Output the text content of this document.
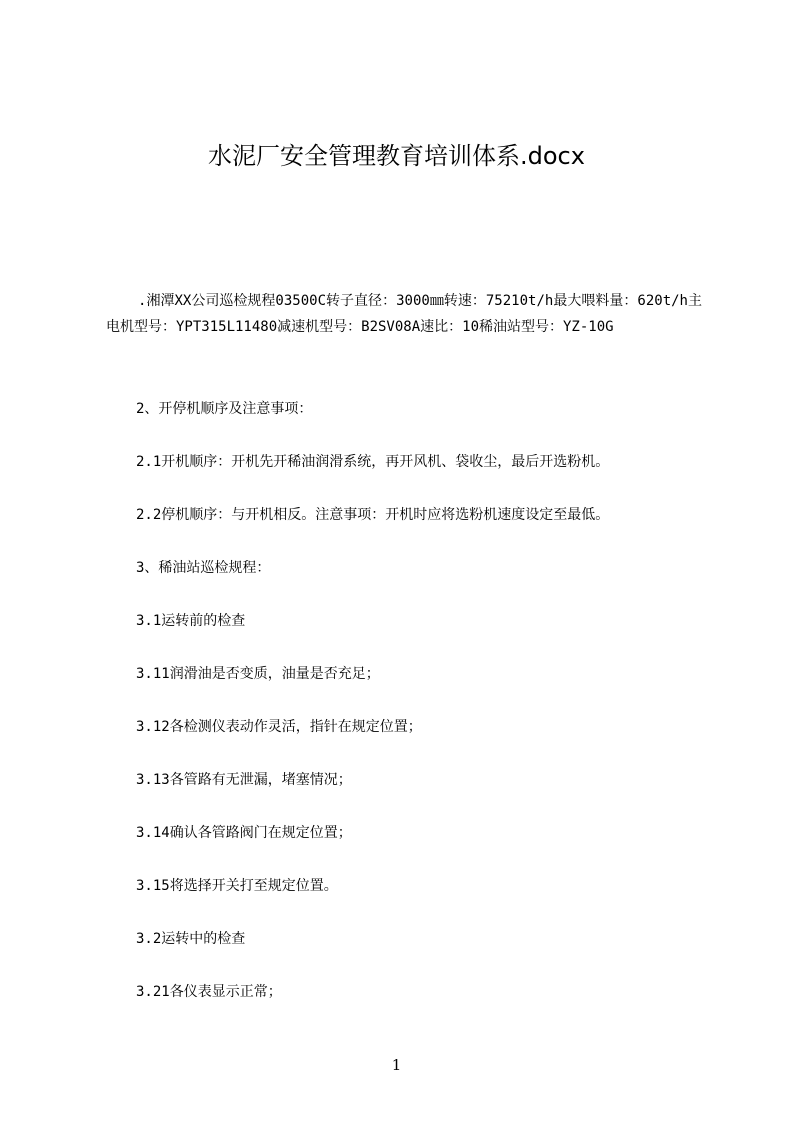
水泥厂安全管理教育培训体系.docx

.湘潭XX公司巡检规程03500C转子直径：3000㎜转速：75210t/h最大喂料量：620t/h主电机型号：YPT315L11480减速机型号：B2SV08A速比：10稀油站型号：YZ-10G

2、开停机顺序及注意事项：

2.1开机顺序：开机先开稀油润滑系统，再开风机、袋收尘，最后开选粉机。

2.2停机顺序：与开机相反。注意事项：开机时应将选粉机速度设定至最低。

3、稀油站巡检规程：

3.1运转前的检查

3.11润滑油是否变质，油量是否充足；

3.12各检测仪表动作灵活，指针在规定位置；

3.13各管路有无泄漏，堵塞情况；

3.14确认各管路阀门在规定位置；

3.15将选择开关打至规定位置。

3.2运转中的检查

3.21各仪表显示正常；

1
